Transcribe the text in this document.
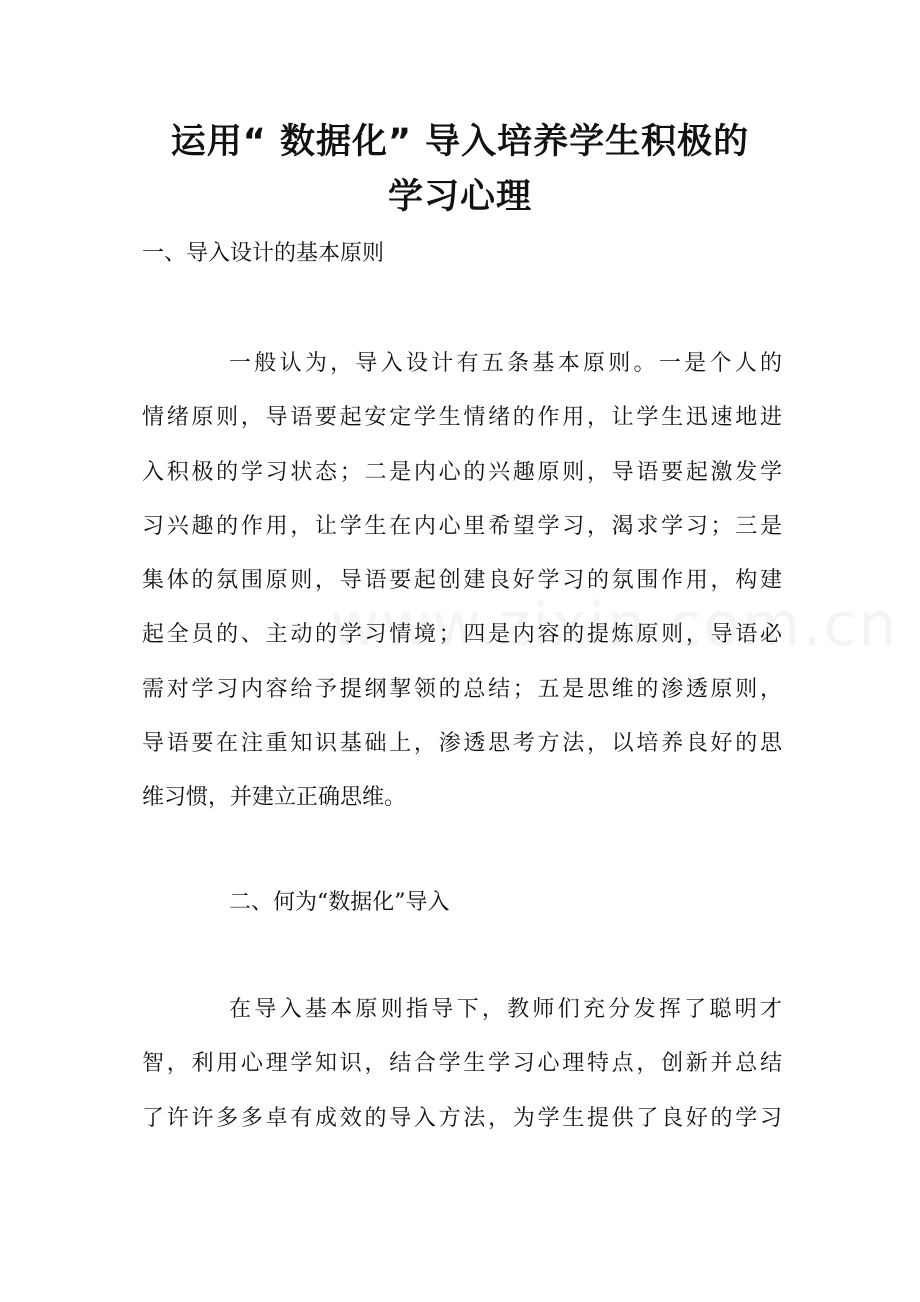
运用“ 数据化” 导入培养学生积极的
学习心理
一、导入设计的基本原则
一般认为，导入设计有五条基本原则。一是个人的
情绪原则，导语要起安定学生情绪的作用，让学生迅速地进
入积极的学习状态；二是内心的兴趣原则，导语要起激发学
习兴趣的作用，让学生在内心里希望学习，渴求学习；三是
集体的氛围原则，导语要起创建良好学习的氛围作用，构建
起全员的、主动的学习情境；四是内容的提炼原则，导语必
需对学习内容给予提纲挈领的总结；五是思维的渗透原则，
导语要在注重知识基础上，渗透思考方法，以培养良好的思
维习惯，并建立正确思维。
二、何为“数据化”导入
在导入基本原则指导下，教师们充分发挥了聪明才
智，利用心理学知识，结合学生学习心理特点，创新并总结
了许许多多卓有成效的导入方法，为学生提供了良好的学习
